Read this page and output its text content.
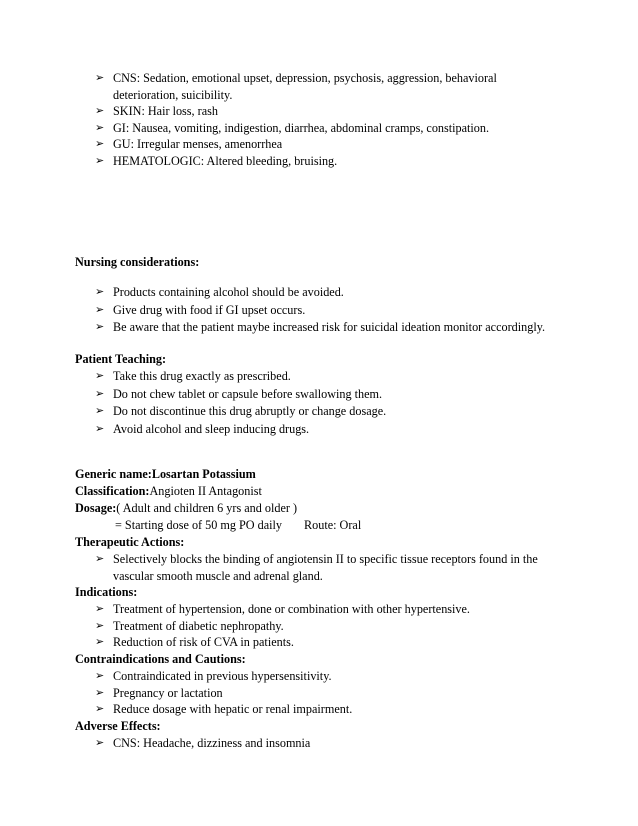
➢ CNS: Sedation, emotional upset, depression, psychosis, aggression, behavioral
deterioration, suicibility.
➢ SKIN: Hair loss, rash
➢ GI: Nausea, vomiting, indigestion, diarrhea, abdominal cramps, constipation.
➢ GU: Irregular menses, amenorrhea
➢ HEMATOLOGIC: Altered bleeding, bruising.
Nursing considerations:
➢ Products containing alcohol should be avoided.
➢ Give drug with food if GI upset occurs.
➢ Be aware that the patient maybe increased risk for suicidal ideation monitor accordingly.
Patient Teaching:
➢ Take this drug exactly as prescribed.
➢ Do not chew tablet or capsule before swallowing them.
➢ Do not discontinue this drug abruptly or change dosage.
➢ Avoid alcohol and sleep inducing drugs.
Generic name:Losartan Potassium
Classification:Angioten II Antagonist
Dosage:( Adult and children 6 yrs and older )
= Starting dose of 50 mg PO daily Route: Oral
Therapeutic Actions:
➢ Selectively blocks the binding of angiotensin II to specific tissue receptors found in the
vascular smooth muscle and adrenal gland.
Indications:
➢ Treatment of hypertension, done or combination with other hypertensive.
➢ Treatment of diabetic nephropathy.
➢ Reduction of risk of CVA in patients.
Contraindications and Cautions:
➢ Contraindicated in previous hypersensitivity.
➢ Pregnancy or lactation
➢ Reduce dosage with hepatic or renal impairment.
Adverse Effects:
➢ CNS: Headache, dizziness and insomnia
